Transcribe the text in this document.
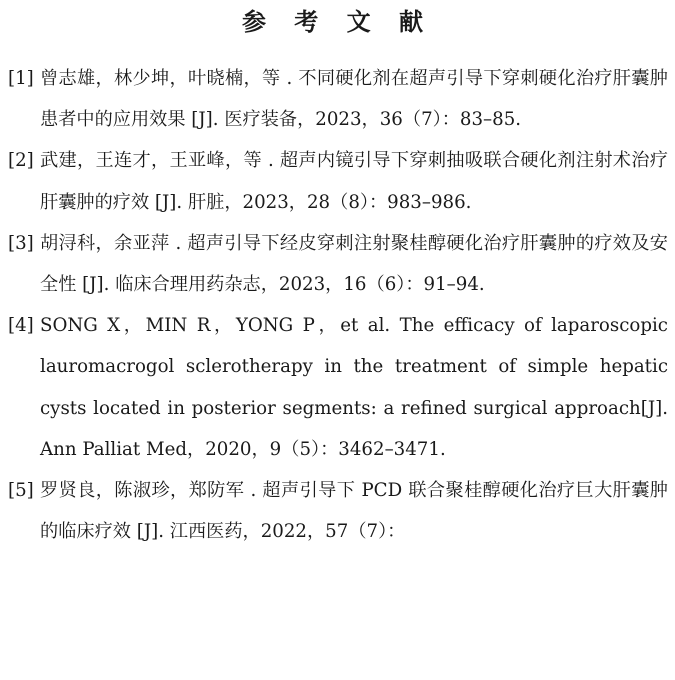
参 考 文 献
[1] 曾志雄，林少坤，叶晓楠，等 . 不同硬化剂在超声引导下穿刺硬化治疗肝囊肿患者中的应用效果 [J]. 医疗装备，2023，36（7）：83–85.
[2] 武建，王连才，王亚峰，等 . 超声内镜引导下穿刺抽吸联合硬化剂注射术治疗肝囊肿的疗效 [J]. 肝脏，2023，28（8）：983–986.
[3] 胡浔科，余亚萍 . 超声引导下经皮穿刺注射聚桂醇硬化治疗肝囊肿的疗效及安全性 [J]. 临床合理用药杂志，2023，16（6）：91–94.
[4] SONG X，MIN R，YONG P，et al. The efficacy of laparoscopic lauromacrogol sclerotherapy in the treatment of simple hepatic cysts located in posterior segments: a refined surgical approach[J]. Ann Palliat Med，2020，9（5）：3462–3471.
[5] 罗贤良，陈淑珍，郑防军 . 超声引导下 PCD 联合聚桂醇硬化治疗巨大肝囊肿的临床疗效 [J]. 江西医药，2022，57（7）：
